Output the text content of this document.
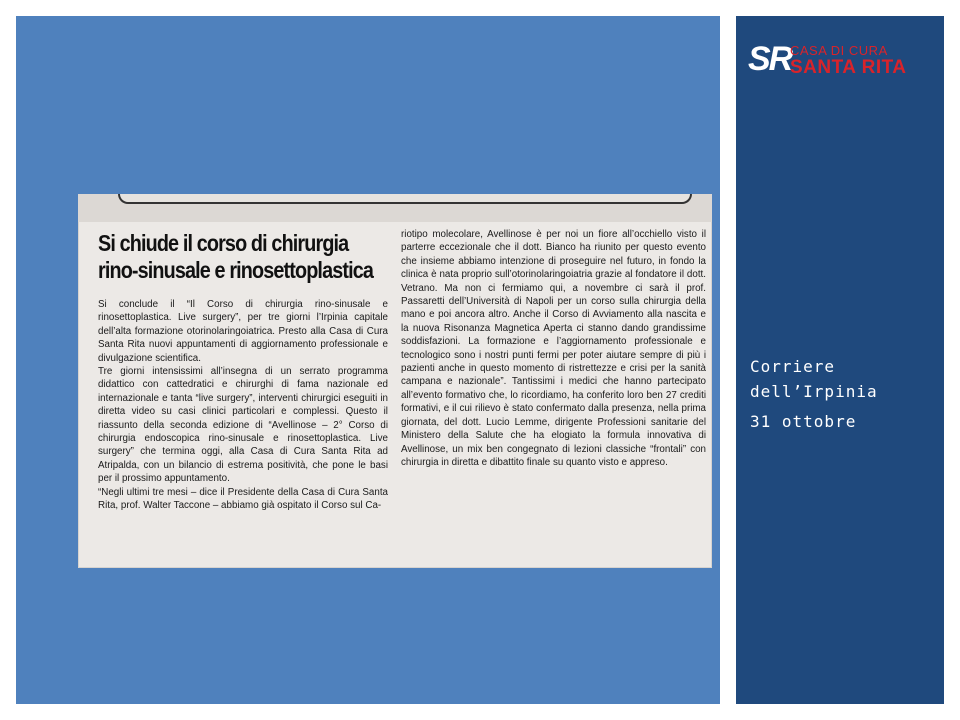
Si chiude il corso di chirurgia rino-sinusale e rinosettoplastica

Si conclude il “Il Corso di chirurgia rino-sinusale e rinosettoplastica. Live surgery”, per tre giorni l’Irpinia capitale dell’alta formazione otorinolaringoiatrica. Presto alla Casa di Cura Santa Rita nuovi appuntamenti di aggiornamento professionale e divulgazione scientifica.

Tre giorni intensissimi all’insegna di un serrato programma didattico con cattedratici e chirurghi di fama nazionale ed internazionale e tanta “live surgery”, interventi chirurgici eseguiti in diretta video su casi clinici particolari e complessi. Questo il riassunto della seconda edizione di “Avellinose – 2° Corso di chirurgia endoscopica rino-sinusale e rinosettoplastica. Live surgery” che termina oggi, alla Casa di Cura Santa Rita ad Atripalda, con un bilancio di estrema positività, che pone le basi per il prossimo appuntamento.

“Negli ultimi tre mesi – dice il Presidente della Casa di Cura Santa Rita, prof. Walter Taccone – abbiamo già ospitato il Corso sul Ca-

riotipo molecolare, Avellinose è per noi un fiore all’occhiello visto il parterre eccezionale che il dott. Bianco ha riunito per questo evento che insieme abbiamo intenzione di proseguire nel futuro, in fondo la clinica è nata proprio sull’otorinolaringoiatria grazie al fondatore il dott. Vetrano. Ma non ci fermiamo qui, a novembre ci sarà il prof. Passaretti dell’Università di Napoli per un corso sulla chirurgia della mano e poi ancora altro. Anche il Corso di Avviamento alla nascita e la nuova Risonanza Magnetica Aperta ci stanno dando grandissime soddisfazioni. La formazione e l’aggiornamento professionale e tecnologico sono i nostri punti fermi per poter aiutare sempre di più i pazienti anche in questo momento di ristrettezze e crisi per la sanità campana e nazionale”. Tantissimi i medici che hanno partecipato all’evento formativo che, lo ricordiamo, ha conferito loro ben 27 crediti formativi, e il cui rilievo è stato confermato dalla presenza, nella prima giornata, del dott. Lucio Lemme, dirigente Professioni sanitarie del Ministero della Salute che ha elogiato la formula innovativa di Avellinose, un mix ben congegnato di lezioni classiche “frontali” con chirurgia in diretta e dibattito finale su quanto visto e appreso.

SR
CASA DI CURA
SANTA RITA
Corriere dell’Irpinia
31 ottobre
